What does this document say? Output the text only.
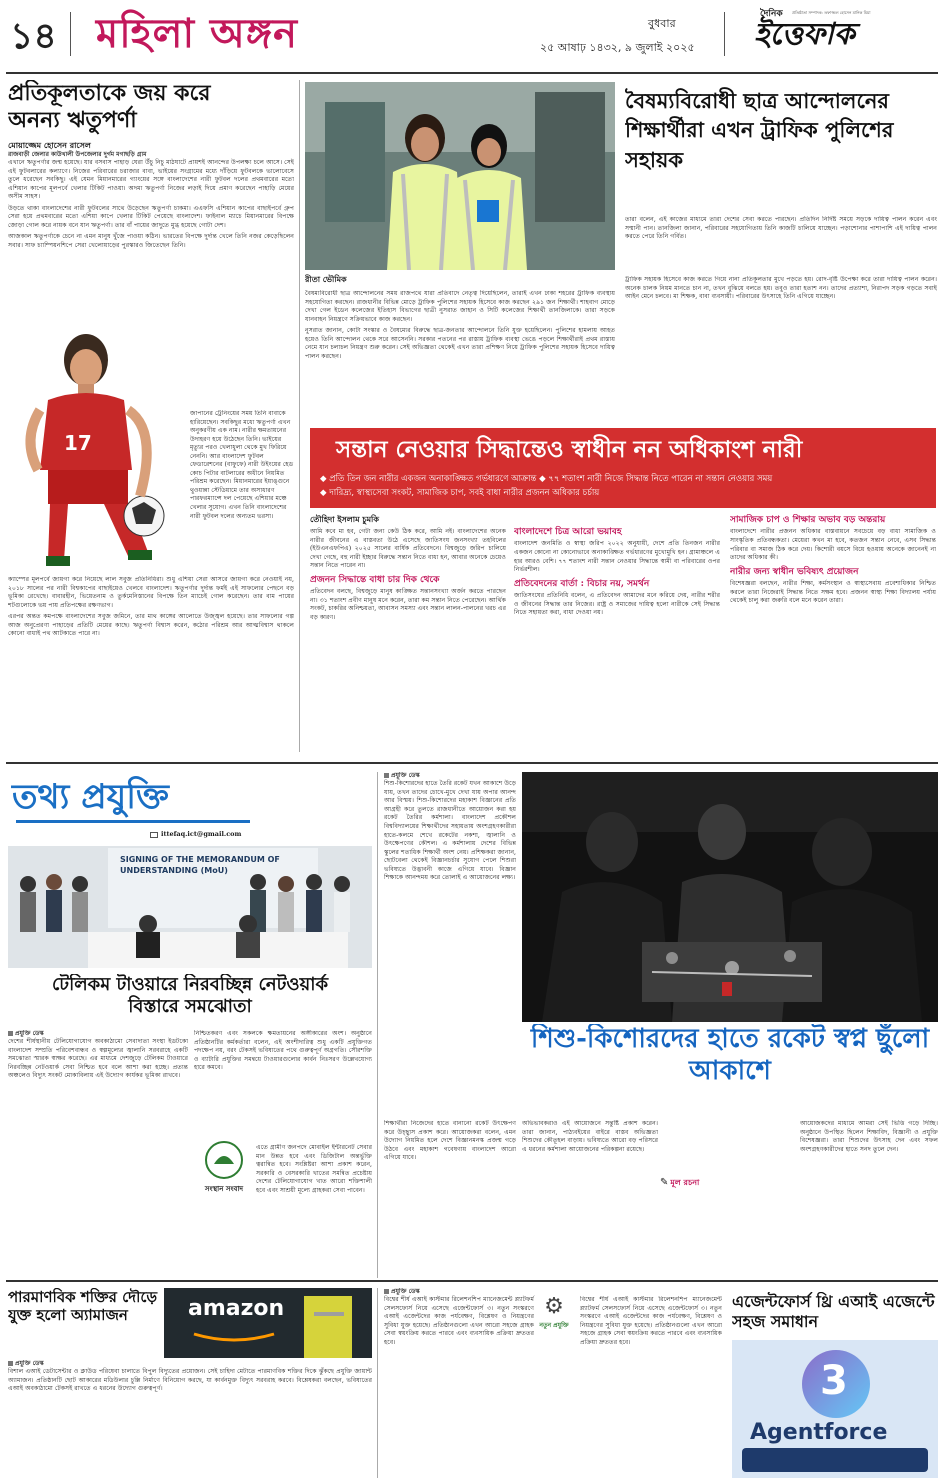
১৪ মহিলা অঙ্গন	বুধবার
২৫ আষাঢ় ১৪৩২, ৯ জুলাই ২০২৫
দৈনিক
ইত্তেফাক
প্রতিষ্ঠাতা সম্পাদক: তফাজ্জল হোসেন মানিক মিয়া
প্রতিকূলতাকে জয় করে অনন্য ঋতুপর্ণা
মোয়াজ্জেম হোসেন রাসেল
রাজবাড়ী জেলার কাউখালী উপজেলার দুর্গম মগাছড়ি গ্রাম
এখানে ঋতুপর্ণার জন্ম হয়েছে। যার বসবাস পাহাড় ঘেরা উঁচু নিচু মাঠঘাটে প্রায়শই আনন্দের উপলক্ষ্য চলে আসে। সেই এই ফুটবলারের কল্যাণে। নিজের পরিবারের চরাজার বাবা, ভাইয়ের সংগ্রামের মধ্যে দাঁড়িয়ে ফুটবলকে ভালোবেসে তুলে ধরেছেন সবকিছু। এই যেমন মিয়ানমারের গ্যাংয়ের সঙ্গে বাংলাদেশের নারী ফুটবল দলের প্রথমবারের মতো এশিয়ান কাপের মূলপর্বে খেলার টিকিট পাওয়া। অদম্য ঋতুপর্ণা নিজের লড়াই দিয়ে প্রমাণ করেছেন পাহাড়ি মেয়ের অসীম সাহস।
উড়তে থাকা বাংলাদেশের নারী ফুটবলের সাথে উড়েছেন ঋতুপর্ণা চাকমা। এএফসি এশিয়ান কাপের বাছাইপর্বে গ্রুপ সেরা হয়ে প্রথমবারের মতো এশিয়া কাপে খেলার টিকিট পেয়েছে বাংলাদেশ। ফাইনাল ম্যাচে মিয়ানমারের বিপক্ষে জোড়া গোল করে নায়ক বনে যান ঋতুপর্ণা। তার বাঁ পায়ের জাদুতে মুগ্ধ হয়েছে গোটা দেশ।
আজকাল ঋতুপর্ণাকে চেনে না এমন মানুষ খুঁজে পাওয়া কঠিন। ভারতের বিপক্ষে দুর্দান্ত খেলে তিনি নজর কেড়েছিলেন সবার। সাফ চ্যাম্পিয়নশিপে সেরা খেলোয়াড়ের পুরস্কারও জিতেছেন তিনি।
17
জাপানের ট্রেনিংয়ের সময় তিনি বাবাকে হারিয়েছেন। সবকিছুর মধ্যে ঋতুপর্ণা এখন অনুকরণীয় এক নাম। নারীর ক্ষমতায়নের উদাহরণ হয়ে উঠেছেন তিনি। ভাইয়ের মৃত্যুর পরও খেলাধুলা থেকে মুখ ফিরিয়ে নেননি। আর বাংলাদেশ ফুটবল ফেডারেশনের (বাফুফে) নারী উইংয়ের হেড কোচ পিটার বাটলারের অধীনে নিয়মিত পরিশ্রম করেছেন। মিয়ানমারের ইয়াঙ্গুনে থুওয়ান্না স্টেডিয়ামে তার অসাধারণ পারফরম্যান্সে দল পেয়েছে এশিয়ার মঞ্চে খেলার সুযোগ। এখন তিনি বাংলাদেশের নারী ফুটবল দলের অন্যতম ভরসা।
ক্যাম্পের মূলপর্বে জায়গা করে নিয়েছে লাল সবুজ প্রতিনিধিরা। শুধু এশিয়া সেরা আসরে জায়গা করে নেওয়াই নয়, ২০১৮ সালের পর নারী বিশ্বকাপের বাছাইয়েও খেলবে বাংলাদেশ। ঋতুপর্ণার দুর্দান্ত ফর্মই এই সাফল্যের পেছনে বড় ভূমিকা রেখেছে। বাবারহীন, ভিয়েতনাম ও তুর্কমেনিস্তানের বিপক্ষে তিন ম্যাচেই গোল করেছেন। তার বাম পায়ের শটগুলোকে ভয় পায় প্রতিপক্ষের রক্ষণভাগ।
এরপর অন্তত কমপক্ষে বাংলাদেশের সবুজ জমিনে, তার মাথ কাঙ্গের আলোতে উজ্জ্বল হয়েছে। তার সাফল্যের গল্প আজ অনুপ্রেরণা পাহাড়ের প্রতিটি মেয়ের কাছে। ঋতুপর্ণা বিশ্বাস করেন, কঠোর পরিশ্রম আর আত্মবিশ্বাস থাকলে কোনো বাধাই পথ আটকাতে পারে না।
রীতা ভৌমিক
বৈষম্যবিরোধী ছাত্র আন্দোলনের শিক্ষার্থীরা এখন ট্রাফিক পুলিশের সহায়ক
তারা বলেন, এই কাজের মাধ্যমে তারা দেশের সেবা করতে পারছেন। প্রতিদিন নির্দিষ্ট সময়ে সড়কে দায়িত্ব পালন করেন এবং সম্মানী পান। তানজিলা জানান, পরিবারের সহযোগিতায় তিনি কাজটি চালিয়ে যাচ্ছেন। পড়াশোনার পাশাপাশি এই দায়িত্ব পালন করতে পেরে তিনি গর্বিত।
বৈষম্যবিরোধী ছাত্র আন্দোলনের সময় রাজপথে যারা প্রতিবাদে নেতৃত্ব দিয়েছিলেন, তারাই এখন ঢাকা শহরের ট্রাফিক ব্যবস্থায় সহযোগিতা করছেন। রাজধানীর বিভিন্ন মোড়ে ট্রাফিক পুলিশের সহায়ক হিসেবে কাজ করছেন ২৯১ জন শিক্ষার্থী। শাহবাগ মোড়ে দেখা গেল ইডেন কলেজের ইতিহাস বিভাগের ছাত্রী নুসরাত জাহান ও সিটি কলেজের শিক্ষার্থী তানজিলাকে। তারা সড়কে যানবাহন নিয়ন্ত্রণে সক্রিয়ভাবে কাজ করছেন।
নুসরাত জানান, কোটা সংস্কার ও বৈষম্যের বিরুদ্ধে ছাত্র-জনতার আন্দোলনে তিনি যুক্ত হয়েছিলেন। পুলিশের হামলায় আহত হয়েও তিনি আন্দোলন থেকে সরে আসেননি। সরকার পতনের পর রাস্তায় ট্রাফিক ব্যবস্থা ভেঙে পড়লে শিক্ষার্থীরাই প্রথম রাস্তায় নেমে যান চলাচল নিয়ন্ত্রণ শুরু করেন। সেই অভিজ্ঞতা থেকেই এখন তারা প্রশিক্ষণ নিয়ে ট্রাফিক পুলিশের সহায়ক হিসেবে দায়িত্ব পালন করছেন।
ট্রাফিক সহায়ক হিসেবে কাজ করতে গিয়ে নানা প্রতিকূলতার মুখে পড়তে হয়। রোদ-বৃষ্টি উপেক্ষা করে তারা দায়িত্ব পালন করেন। অনেক চালক নিয়ম মানতে চান না, তখন বুঝিয়ে বলতে হয়। তবুও তারা হতাশ নন। তাদের প্রত্যাশা, নিরাপদ সড়ক গড়তে সবাই আইন মেনে চলবে। মা শিক্ষক, বাবা ব্যবসায়ী। পরিবারের উৎসাহে তিনি এগিয়ে যাচ্ছেন।
সন্তান নেওয়ার সিদ্ধান্তেও স্বাধীন নন অধিকাংশ নারী
◆ প্রতি তিন জন নারীর একজন অনাকাঙ্ক্ষিত গর্ভধারণে আক্রান্ত ◆ ৭৭ শতাংশ নারী নিজে সিদ্ধান্ত নিতে পারেন না সন্তান নেওয়ার সময়
◆ দারিদ্র্য, স্বাস্থ্যসেবা সংকট, সামাজিক চাপ, সবই বাধা নারীর প্রজনন অধিকার চর্চায়
তৌহিদা ইসলাম চুমকি
আমি কবে মা হব, গেটা জন্য কেউ ঠিক করে, আমি নই। বাংলাদেশের অনেক নারীর জীবনের এ বাস্তবতা উঠে এসেছে জাতিসংঘ জনসংখ্যা তহবিলের (ইউএনএফপিএ) ২০২৫ সালের বার্ষিক প্রতিবেদনে। বিশ্বজুড়ে জরিপ চালিয়ে দেখা গেছে, বহু নারী ইচ্ছার বিরুদ্ধে সন্তান নিতে বাধ্য হন, আবার অনেকে চেয়েও সন্তান নিতে পারেন না।
প্রজনন সিদ্ধান্তে বাধা চার দিক থেকে
প্রতিবেদন বলছে, বিশ্বজুড়ে মানুষ কাঙ্ক্ষিত সন্তানসংখ্যা অর্জন করতে পারছেন না। ৩১ শতাংশ প্রবীণ মানুষ মনে করেন, তারা কম সন্তান নিতে পেরেছেন। আর্থিক সংকট, চাকরির অনিশ্চয়তা, আবাসন সমস্যা এবং সন্তান লালন-পালনের খরচ এর বড় কারণ।
বাংলাদেশে চিত্র আরো ভয়াবহ
বাংলাদেশ জনমিতি ও স্বাস্থ্য জরিপ ২০২২ অনুযায়ী, দেশে প্রতি তিনজন নারীর একজন কোনো না কোনোভাবে অনাকাঙ্ক্ষিত গর্ভধারণের মুখোমুখি হন। গ্রামাঞ্চলে এ হার আরও বেশি। ৭৭ শতাংশ নারী সন্তান নেওয়ার সিদ্ধান্তে স্বামী বা পরিবারের ওপর নির্ভরশীল।
প্রতিবেদনের বার্তা : বিচার নয়, সমর্থন
জাতিসংঘের প্রতিনিধি বলেন, এ প্রতিবেদন আমাদের মনে করিয়ে দেয়, নারীর শরীর ও জীবনের সিদ্ধান্ত তার নিজের। রাষ্ট্র ও সমাজের দায়িত্ব হলো নারীকে সেই সিদ্ধান্ত নিতে সহায়তা করা, বাধা দেওয়া নয়।
সামাজিক চাপ ও শিক্ষার অভাব বড় অন্তরায়
বাংলাদেশে নারীর প্রজনন অধিকার বাস্তবায়নে সবচেয়ে বড় বাধা সামাজিক ও সাংস্কৃতিক প্রতিবন্ধকতা। মেয়েরা কখন মা হবে, কতজন সন্তান নেবে, এসব সিদ্ধান্ত পরিবার বা সমাজ ঠিক করে দেয়। কিশোরী বয়সে বিয়ে হওয়ায় অনেকে জানেনই না তাদের অধিকার কী।
নারীর জন্য স্বাধীন ভবিষ্যৎ প্রয়োজন
বিশেষজ্ঞরা বলছেন, নারীর শিক্ষা, কর্মসংস্থান ও স্বাস্থ্যসেবায় প্রবেশাধিকার নিশ্চিত করলে তারা নিজেরাই সিদ্ধান্ত নিতে সক্ষম হবে। প্রজনন স্বাস্থ্য শিক্ষা বিদ্যালয় পর্যায় থেকেই চালু করা জরুরি বলে মনে করেন তারা।
তথ্য প্রযুক্তি
ittefaq.ict@gmail.com
SIGNING OF THE MEMORANDUM OF UNDERSTANDING (MoU)
টেলিকম টাওয়ারে নিরবচ্ছিন্ন নেটওয়ার্ক বিস্তারে সমঝোতা
প্রযুক্তি ডেস্ক
দেশের শীর্ষস্থানীয় টেলিযোগাযোগ অবকাঠামো সেবাদাতা সংস্থা ইডটকো বাংলাদেশ সম্প্রতি পরিবেশবান্ধব ও স্বল্পমূল্যের জ্বালানি সরবরাহে একটি সমঝোতা স্মারক স্বাক্ষর করেছে। এর মাধ্যমে দেশজুড়ে টেলিকম টাওয়ারে নিরবচ্ছিন্ন নেটওয়ার্ক সেবা নিশ্চিত হবে বলে আশা করা হচ্ছে। প্রত্যন্ত অঞ্চলেও বিদ্যুৎ সংকট মোকাবিলায় এই উদ্যোগ কার্যকর ভূমিকা রাখবে।
নিশ্চিতকরণ এবং সকলকে ক্ষমতায়নের অঙ্গীকারের অংশ। অনুষ্ঠানে প্রতিষ্ঠানটির কর্মকর্তারা বলেন, এই অংশীদারিত্ব শুধু একটি প্রযুক্তিগত পদক্ষেপ নয়, বরং টেকসই ভবিষ্যতের পথে গুরুত্বপূর্ণ অগ্রগতি। সৌরশক্তি ও ব্যাটারি প্রযুক্তির সমন্বয়ে টাওয়ারগুলোর কার্বন নিঃসরণ উল্লেখযোগ্য হারে কমবে।
সংস্থান সংবাদ
এতে গ্রামীণ জনপদে মোবাইল ইন্টারনেট সেবার মান উন্নত হবে এবং ডিজিটাল অন্তর্ভুক্তি ত্বরান্বিত হবে। সংশ্লিষ্টরা আশা প্রকাশ করেন, সরকারি ও বেসরকারি খাতের সমন্বিত প্রচেষ্টায় দেশের টেলিযোগাযোগ খাত আরো শক্তিশালী হবে এবং সাশ্রয়ী মূল্যে গ্রাহকরা সেবা পাবেন।
প্রযুক্তি ডেস্ক
শিশু-কিশোরদের হাতে তৈরি রকেট যখন আকাশে উড়ে যায়, তখন তাদের চোখে-মুখে দেখা যায় অপার আনন্দ আর বিস্ময়। শিশু-কিশোরদের মহাকাশ বিজ্ঞানের প্রতি আগ্রহী করে তুলতে রাজধানীতে আয়োজন করা হয় রকেট তৈরির কর্মশালা। বাংলাদেশ প্রকৌশল বিশ্ববিদ্যালয়ের শিক্ষার্থীদের সহায়তায় অংশগ্রহণকারীরা হাতে-কলমে শেখে রকেটের নকশা, জ্বালানি ও উৎক্ষেপণের কৌশল। এ কর্মশালায় দেশের বিভিন্ন স্কুলের শতাধিক শিক্ষার্থী অংশ নেয়। প্রশিক্ষকরা জানান, ছোটবেলা থেকেই বিজ্ঞানচর্চার সুযোগ পেলে শিশুরা ভবিষ্যতে উদ্ভাবনী কাজে এগিয়ে যাবে। বিজ্ঞান শিক্ষাকে আনন্দময় করে তোলাই এ আয়োজনের লক্ষ্য।
শিশু-কিশোরদের হাতে রকেট স্বপ্ন ছুঁলো আকাশে
শিক্ষার্থীরা নিজেদের হাতে বানানো রকেট উৎক্ষেপণ করে উচ্ছ্বাস প্রকাশ করে। আয়োজকরা বলেন, এমন উদ্যোগ নিয়মিত হলে দেশে বিজ্ঞানমনস্ক প্রজন্ম গড়ে উঠবে এবং মহাকাশ গবেষণায় বাংলাদেশ আরো এগিয়ে যাবে।
অভিভাবকরাও এই আয়োজনে সন্তুষ্টি প্রকাশ করেন। তারা জানান, পাঠ্যবইয়ের বাইরে বাস্তব অভিজ্ঞতা শিশুদের কৌতূহল বাড়ায়। ভবিষ্যতে আরো বড় পরিসরে এ ধরনের কর্মশালা আয়োজনের পরিকল্পনা রয়েছে।
✎ মূল রচনা
আয়োজকদের মাধ্যমে আমরা সেই ভিত্তি গড়ে দিচ্ছি। অনুষ্ঠানে উপস্থিত ছিলেন শিক্ষাবিদ, বিজ্ঞানী ও প্রযুক্তি বিশেষজ্ঞরা। তারা শিশুদের উৎসাহ দেন এবং সফল অংশগ্রহণকারীদের হাতে সনদ তুলে দেন।
পারমাণবিক শক্তির দৌড়ে যুক্ত হলো অ্যামাজন	amazon
প্রযুক্তি ডেস্ক
বিশাল এআই ডেটাসেন্টার ও ক্লাউড পরিষেবা চালাতে বিপুল বিদ্যুতের প্রয়োজন। সেই চাহিদা মেটাতে পারমাণবিক শক্তির দিকে ঝুঁকছে প্রযুক্তি জায়ান্ট অ্যামাজন। প্রতিষ্ঠানটি ছোট আকারের মডিউলার চুল্লি নির্মাণে বিনিয়োগ করছে, যা কার্বনমুক্ত বিদ্যুৎ সরবরাহ করবে। বিশ্লেষকরা বলছেন, ভবিষ্যতের এআই অবকাঠামো টেকসই রাখতে এ ধরনের উদ্যোগ গুরুত্বপূর্ণ।
প্রযুক্তি ডেস্ক
বিশ্বের শীর্ষ এআই কাস্টমার রিলেশনশিপ ম্যানেজমেন্ট প্ল্যাটফর্ম সেলসফোর্স নিয়ে এসেছে এজেন্টফোর্স ৩। নতুন সংস্করণে এআই এজেন্টদের কাজ পর্যবেক্ষণ, বিশ্লেষণ ও নিয়ন্ত্রণের সুবিধা যুক্ত হয়েছে। প্রতিষ্ঠানগুলো এখন আরো সহজে গ্রাহক সেবা স্বয়ংক্রিয় করতে পারবে এবং ব্যবসায়িক প্রক্রিয়া দ্রুততর হবে।
⚙
নতুন প্রযুক্তি
বিশ্বের শীর্ষ এআই কাস্টমার রিলেশনশিপ ম্যানেজমেন্ট প্ল্যাটফর্ম সেলসফোর্স নিয়ে এসেছে এজেন্টফোর্স ৩। নতুন সংস্করণে এআই এজেন্টদের কাজ পর্যবেক্ষণ, বিশ্লেষণ ও নিয়ন্ত্রণের সুবিধা যুক্ত হয়েছে। প্রতিষ্ঠানগুলো এখন আরো সহজে গ্রাহক সেবা স্বয়ংক্রিয় করতে পারবে এবং ব্যবসায়িক প্রক্রিয়া দ্রুততর হবে।
এজেন্টফোর্স থ্রি এআই এজেন্টে সহজ সমাধান
3
Agentforce
